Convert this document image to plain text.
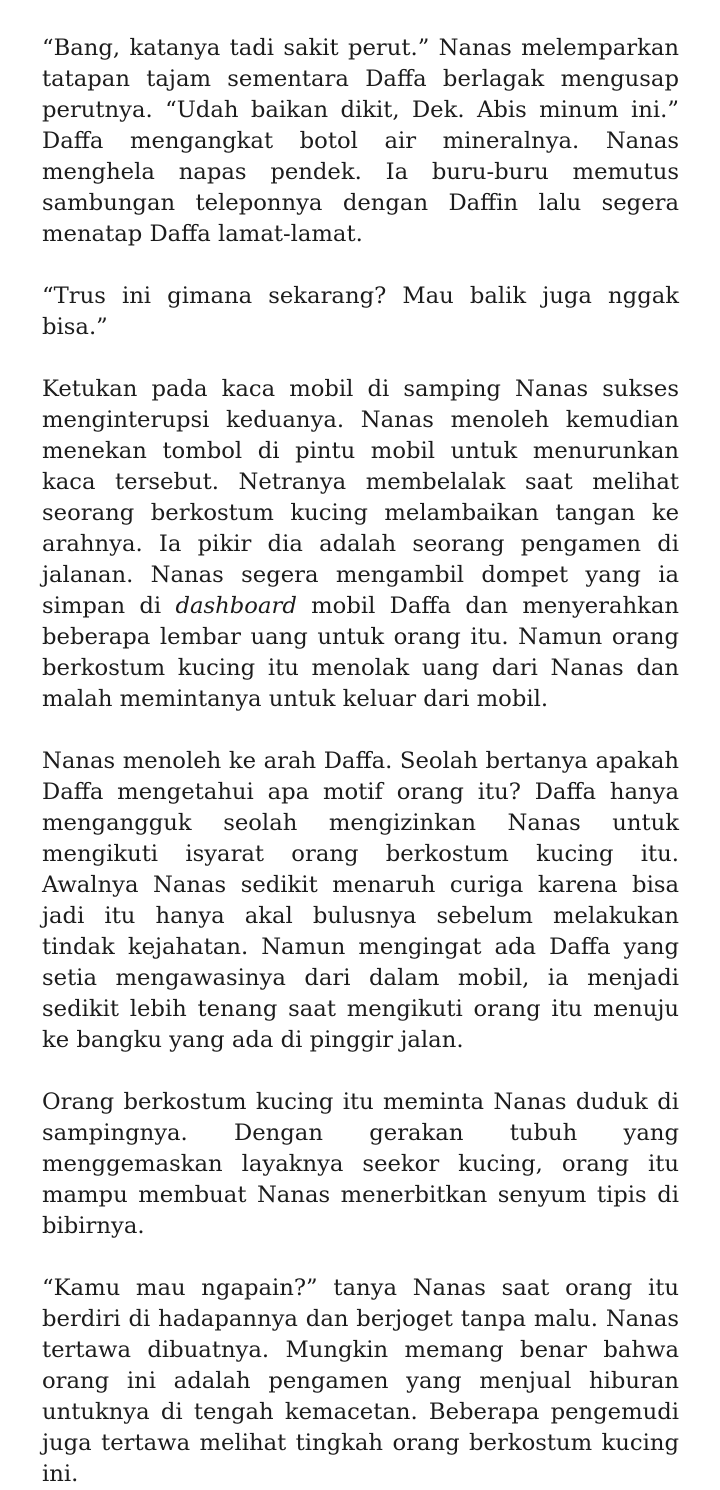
“Bang, katanya tadi sakit perut.” Nanas melemparkan tatapan tajam sementara Daffa berlagak mengusap perutnya. “Udah baikan dikit, Dek. Abis minum ini.” Daffa mengangkat botol air mineralnya. Nanas menghela napas pendek. Ia buru-buru memutus sambungan teleponnya dengan Daffin lalu segera menatap Daffa lamat-lamat.

“Trus ini gimana sekarang? Mau balik juga nggak bisa.”

Ketukan pada kaca mobil di samping Nanas sukses menginterupsi keduanya. Nanas menoleh kemudian menekan tombol di pintu mobil untuk menurunkan kaca tersebut. Netranya membelalak saat melihat seorang berkostum kucing melambaikan tangan ke arahnya. Ia pikir dia adalah seorang pengamen di jalanan. Nanas segera mengambil dompet yang ia simpan di dashboard mobil Daffa dan menyerahkan beberapa lembar uang untuk orang itu. Namun orang berkostum kucing itu menolak uang dari Nanas dan malah memintanya untuk keluar dari mobil.

Nanas menoleh ke arah Daffa. Seolah bertanya apakah Daffa mengetahui apa motif orang itu? Daffa hanya mengangguk seolah mengizinkan Nanas untuk mengikuti isyarat orang berkostum kucing itu. Awalnya Nanas sedikit menaruh curiga karena bisa jadi itu hanya akal bulusnya sebelum melakukan tindak kejahatan. Namun mengingat ada Daffa yang setia mengawasinya dari dalam mobil, ia menjadi sedikit lebih tenang saat mengikuti orang itu menuju ke bangku yang ada di pinggir jalan.

Orang berkostum kucing itu meminta Nanas duduk di sampingnya. Dengan gerakan tubuh yang menggemaskan layaknya seekor kucing, orang itu mampu membuat Nanas menerbitkan senyum tipis di bibirnya.

“Kamu mau ngapain?” tanya Nanas saat orang itu berdiri di hadapannya dan berjoget tanpa malu. Nanas tertawa dibuatnya. Mungkin memang benar bahwa orang ini adalah pengamen yang menjual hiburan untuknya di tengah kemacetan. Beberapa pengemudi juga tertawa melihat tingkah orang berkostum kucing ini.
